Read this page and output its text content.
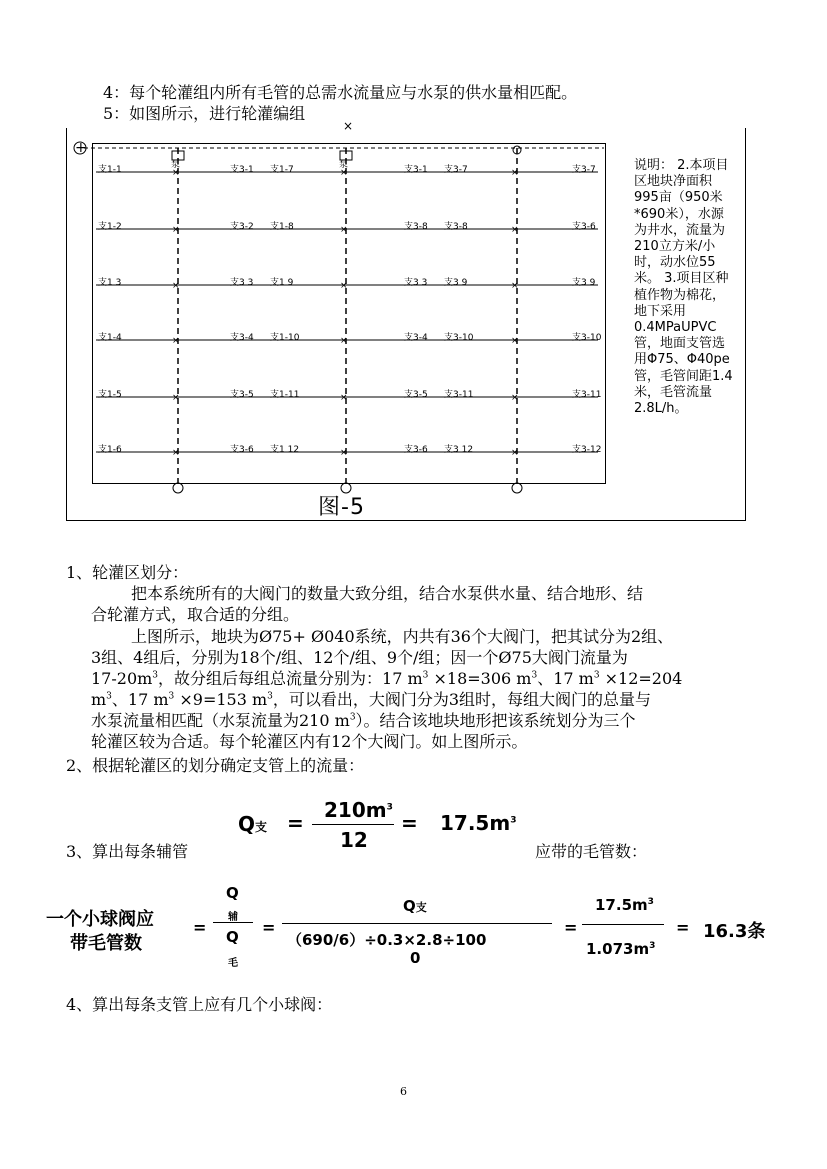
4：每个轮灌组内所有毛管的总需水流量应与水泵的供水量相匹配。
5：如图所示，进行轮灌编组
+
×
泵	泵
支1-1	支3-1 支1-7	支3-1 支3-7	支3-7
支1-2	支3-2 支1-8	支3-8 支3-8	支3-6
支1 3	支3 3 支1 9	支3 3 支3 9	支3 9
支1-4	支3-4 支1-10	支3-4 支3-10	支3-10
支1-5	支3-5 支1-11	支3-5 支3-11	支3-11
支1-6	支3-6 支1 12	支3-6 支3 12	支3-12
×	×	×
×	×	×
×	×	×
×	×	×
×	×	×
×	×	×
说明： 2.本项目区地块净面积995亩（950米*690米），水源为井水，流量为210立方米/小时，动水位55米。 3.项目区种植作物为棉花，地下采用0.4MPaUPVC管，地面支管选用Φ75、Φ40pe管，毛管间距1.4米，毛管流量2.8L/h。
图-5
1、轮灌区划分：
把本系统所有的大阀门的数量大致分组，结合水泵供水量、结合地形、结
合轮灌方式，取合适的分组。
上图所示，地块为Ø75+ Ø040系统，内共有36个大阀门，把其试分为2组、
3组、4组后，分别为18个/组、12个/组、9个/组；因一个Ø75大阀门流量为
$17-20m^3$，故分组后每组总流量分别为：17 $m^3 \times 18=306$ $m^3$、17 $m^3 \times 12=204$
$m^3$、17 $m^3 \times 9=153$ $m^3$，可以看出，大阀门分为3组时，每组大阀门的总量与
水泵流量相匹配（水泵流量为210 $m^3$）。结合该地块地形把该系统划分为三个
轮灌区较为合适。每个轮灌区内有12个大阀门。如上图所示。
2、根据轮灌区的划分确定支管上的流量：
Q支 =
$210m^3$
12
= $17.5m^3$
3、算出每条辅管	应带的毛管数：
一个小球阀应
带毛管数
=
Q
辅
Q
毛
=
Q支
（690/6）÷0.3×2.8÷100
0
=
$17.5m^3$
$1.073m^3$
= 16.3条
4、算出每条支管上应有几个小球阀：
6
